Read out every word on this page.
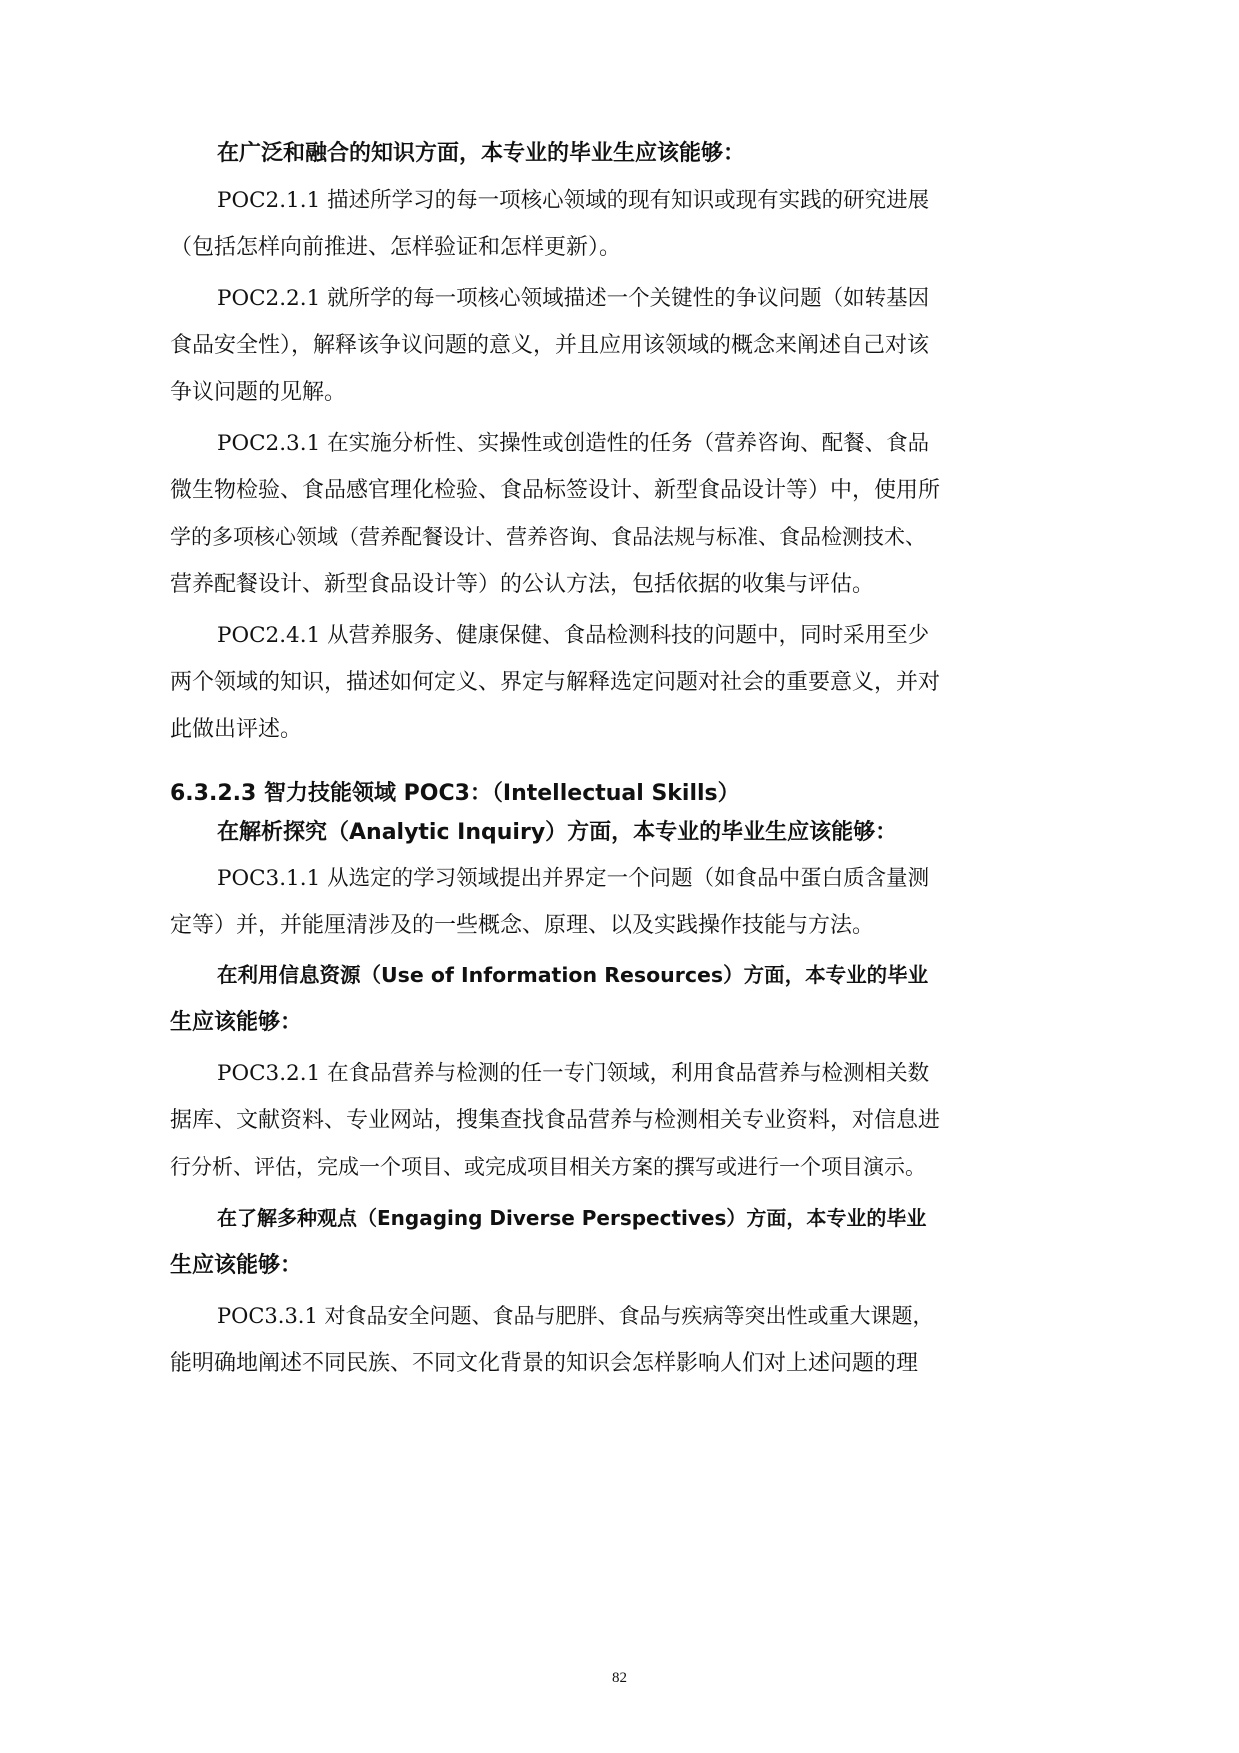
在广泛和融合的知识方面，本专业的毕业生应该能够：
POC2.1.1 描述所学习的每一项核心领域的现有知识或现有实践的研究进展
（包括怎样向前推进、怎样验证和怎样更新）。
POC2.2.1 就所学的每一项核心领域描述一个关键性的争议问题（如转基因
食品安全性），解释该争议问题的意义，并且应用该领域的概念来阐述自己对该
争议问题的见解。
POC2.3.1 在实施分析性、实操性或创造性的任务（营养咨询、配餐、食品
微生物检验、食品感官理化检验、食品标签设计、新型食品设计等）中，使用所
学的多项核心领域（营养配餐设计、营养咨询、食品法规与标准、食品检测技术、
营养配餐设计、新型食品设计等）的公认方法，包括依据的收集与评估。
POC2.4.1 从营养服务、健康保健、食品检测科技的问题中，同时采用至少
两个领域的知识，描述如何定义、界定与解释选定问题对社会的重要意义，并对
此做出评述。
6.3.2.3 智力技能领域 POC3：（Intellectual Skills）
在解析探究（Analytic Inquiry）方面，本专业的毕业生应该能够：
POC3.1.1 从选定的学习领域提出并界定一个问题（如食品中蛋白质含量测
定等）并，并能厘清涉及的一些概念、原理、以及实践操作技能与方法。
在利用信息资源（Use of Information Resources）方面，本专业的毕业
生应该能够：
POC3.2.1 在食品营养与检测的任一专门领域，利用食品营养与检测相关数
据库、文献资料、专业网站，搜集查找食品营养与检测相关专业资料，对信息进
行分析、评估，完成一个项目、或完成项目相关方案的撰写或进行一个项目演示。
在了解多种观点（Engaging Diverse Perspectives）方面，本专业的毕业
生应该能够：
POC3.3.1 对食品安全问题、食品与肥胖、食品与疾病等突出性或重大课题，
能明确地阐述不同民族、不同文化背景的知识会怎样影响人们对上述问题的理
82
